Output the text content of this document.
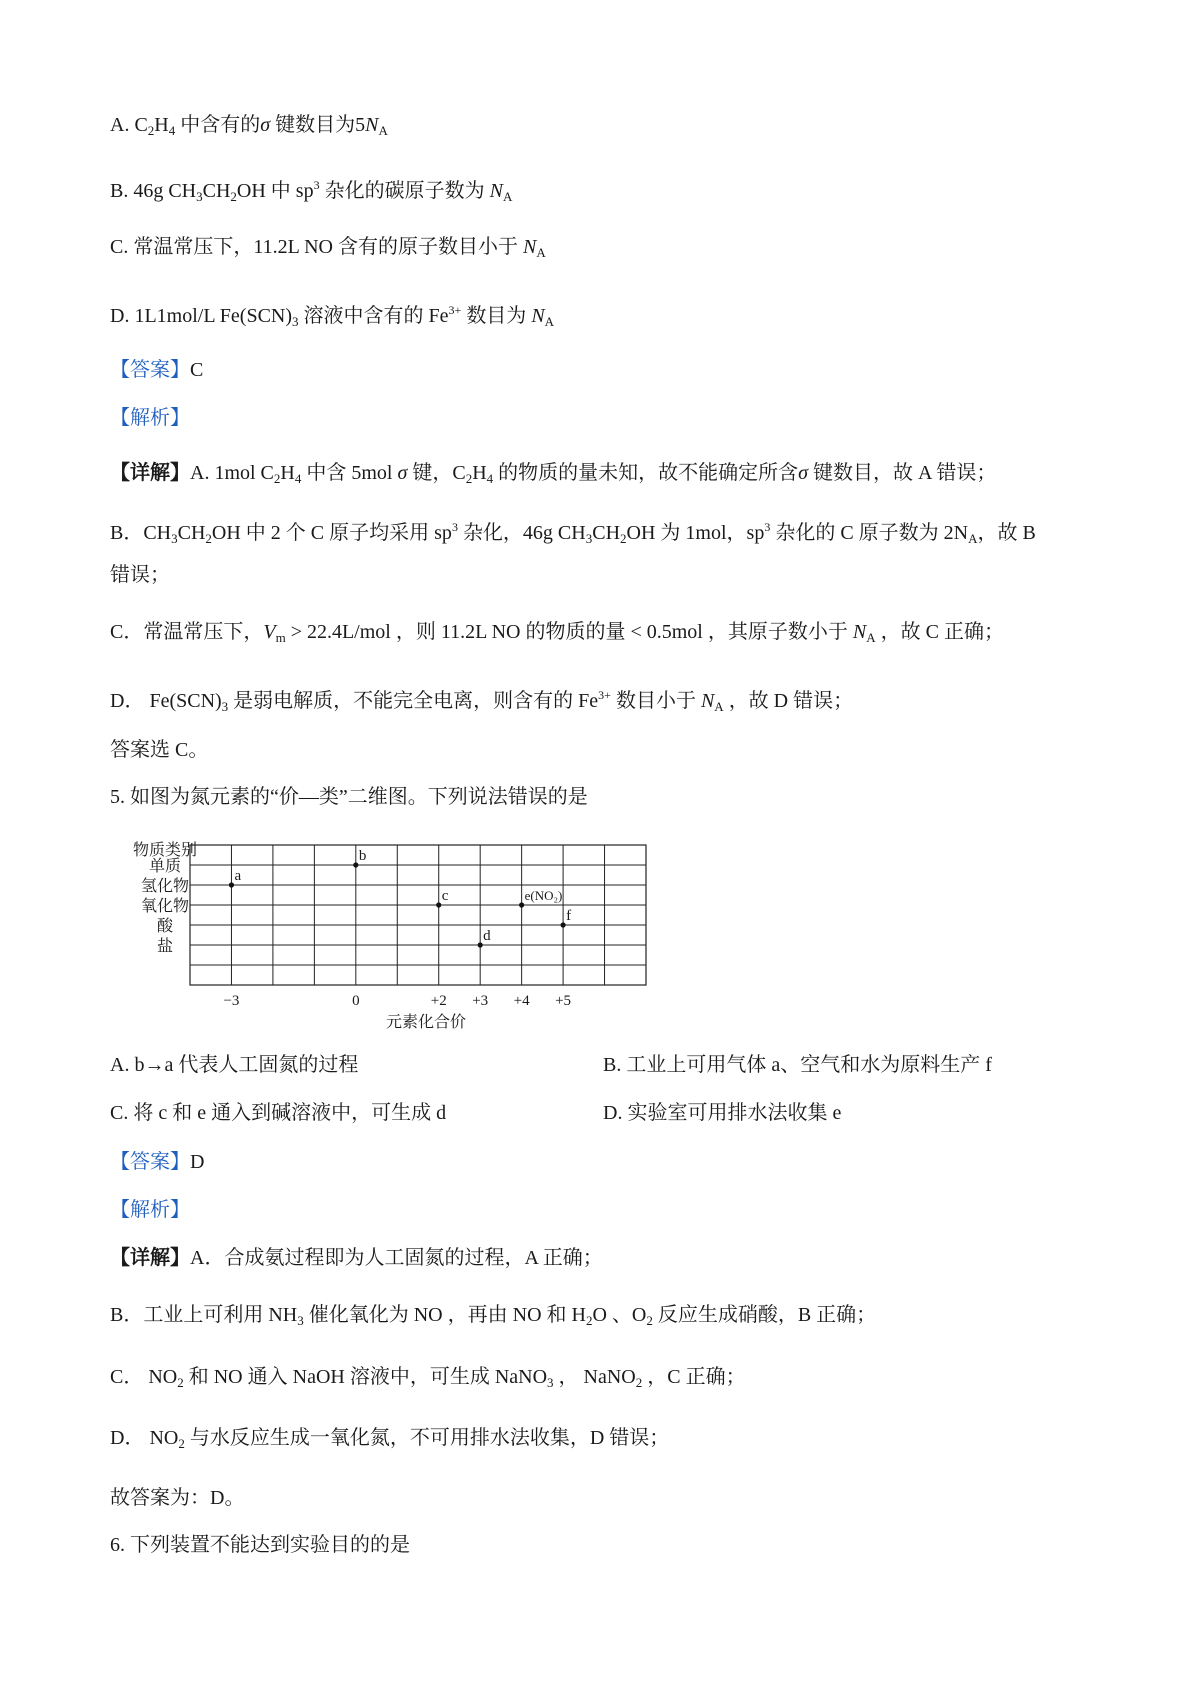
A. $C_2H_4$ 中含有的σ 键数目为$5N_A$
B. 46g $CH_3CH_2OH$ 中 $sp^3$ 杂化的碳原子数为 $N_A$
C. 常温常压下，11.2L NO 含有的原子数目小于 $N_A$
D. 1L1mol/L $Fe(SCN)_3$ 溶液中含有的 $Fe^{3+}$ 数目为 $N_A$
【答案】C
【解析】
【详解】A. 1mol $C_2H_4$ 中含 5mol σ 键，$C_2H_4$ 的物质的量未知，故不能确定所含σ 键数目，故 A 错误；
B．$CH_3CH_2OH$ 中 2 个 C 原子均采用 $sp^3$ 杂化，46g $CH_3CH_2OH$ 为 1mol，$sp^3$ 杂化的 C 原子数为 $2N_A$，故 B
错误；
C．常温常压下，$V_m > 22.4L/mol$ ，则 11.2L NO 的物质的量 < 0.5mol ，其原子数小于 $N_A$ ，故 C 正确；
D． $Fe(SCN)_3$ 是弱电解质，不能完全电离，则含有的 $Fe^{3+}$ 数目小于 $N_A$ ，故 D 错误；
答案选 C。
5. 如图为氮元素的“价—类”二维图。下列说法错误的是
单质
氢化物
氧化物
酸
盐
−3	0	+2 +3 +4 +5
a
b
c
d
e(NO₂)
f
物质类别
元素化合价
A. b→a 代表人工固氮的过程	B. 工业上可用气体 a、空气和水为原料生产 f
C. 将 c 和 e 通入到碱溶液中，可生成 d	D. 实验室可用排水法收集 e
【答案】D
【解析】
【详解】A．合成氨过程即为人工固氮的过程，A 正确；
B．工业上可利用 $NH_3$ 催化氧化为 NO ，再由 NO 和 $H_2O$ 、$O_2$ 反应生成硝酸，B 正确；
C． $NO_2$ 和 NO 通入 NaOH 溶液中，可生成 NaNO$_3$ ， NaNO$_2$ ，C 正确；
D． $NO_2$ 与水反应生成一氧化氮，不可用排水法收集，D 错误；
故答案为：D。
6. 下列装置不能达到实验目的的是
